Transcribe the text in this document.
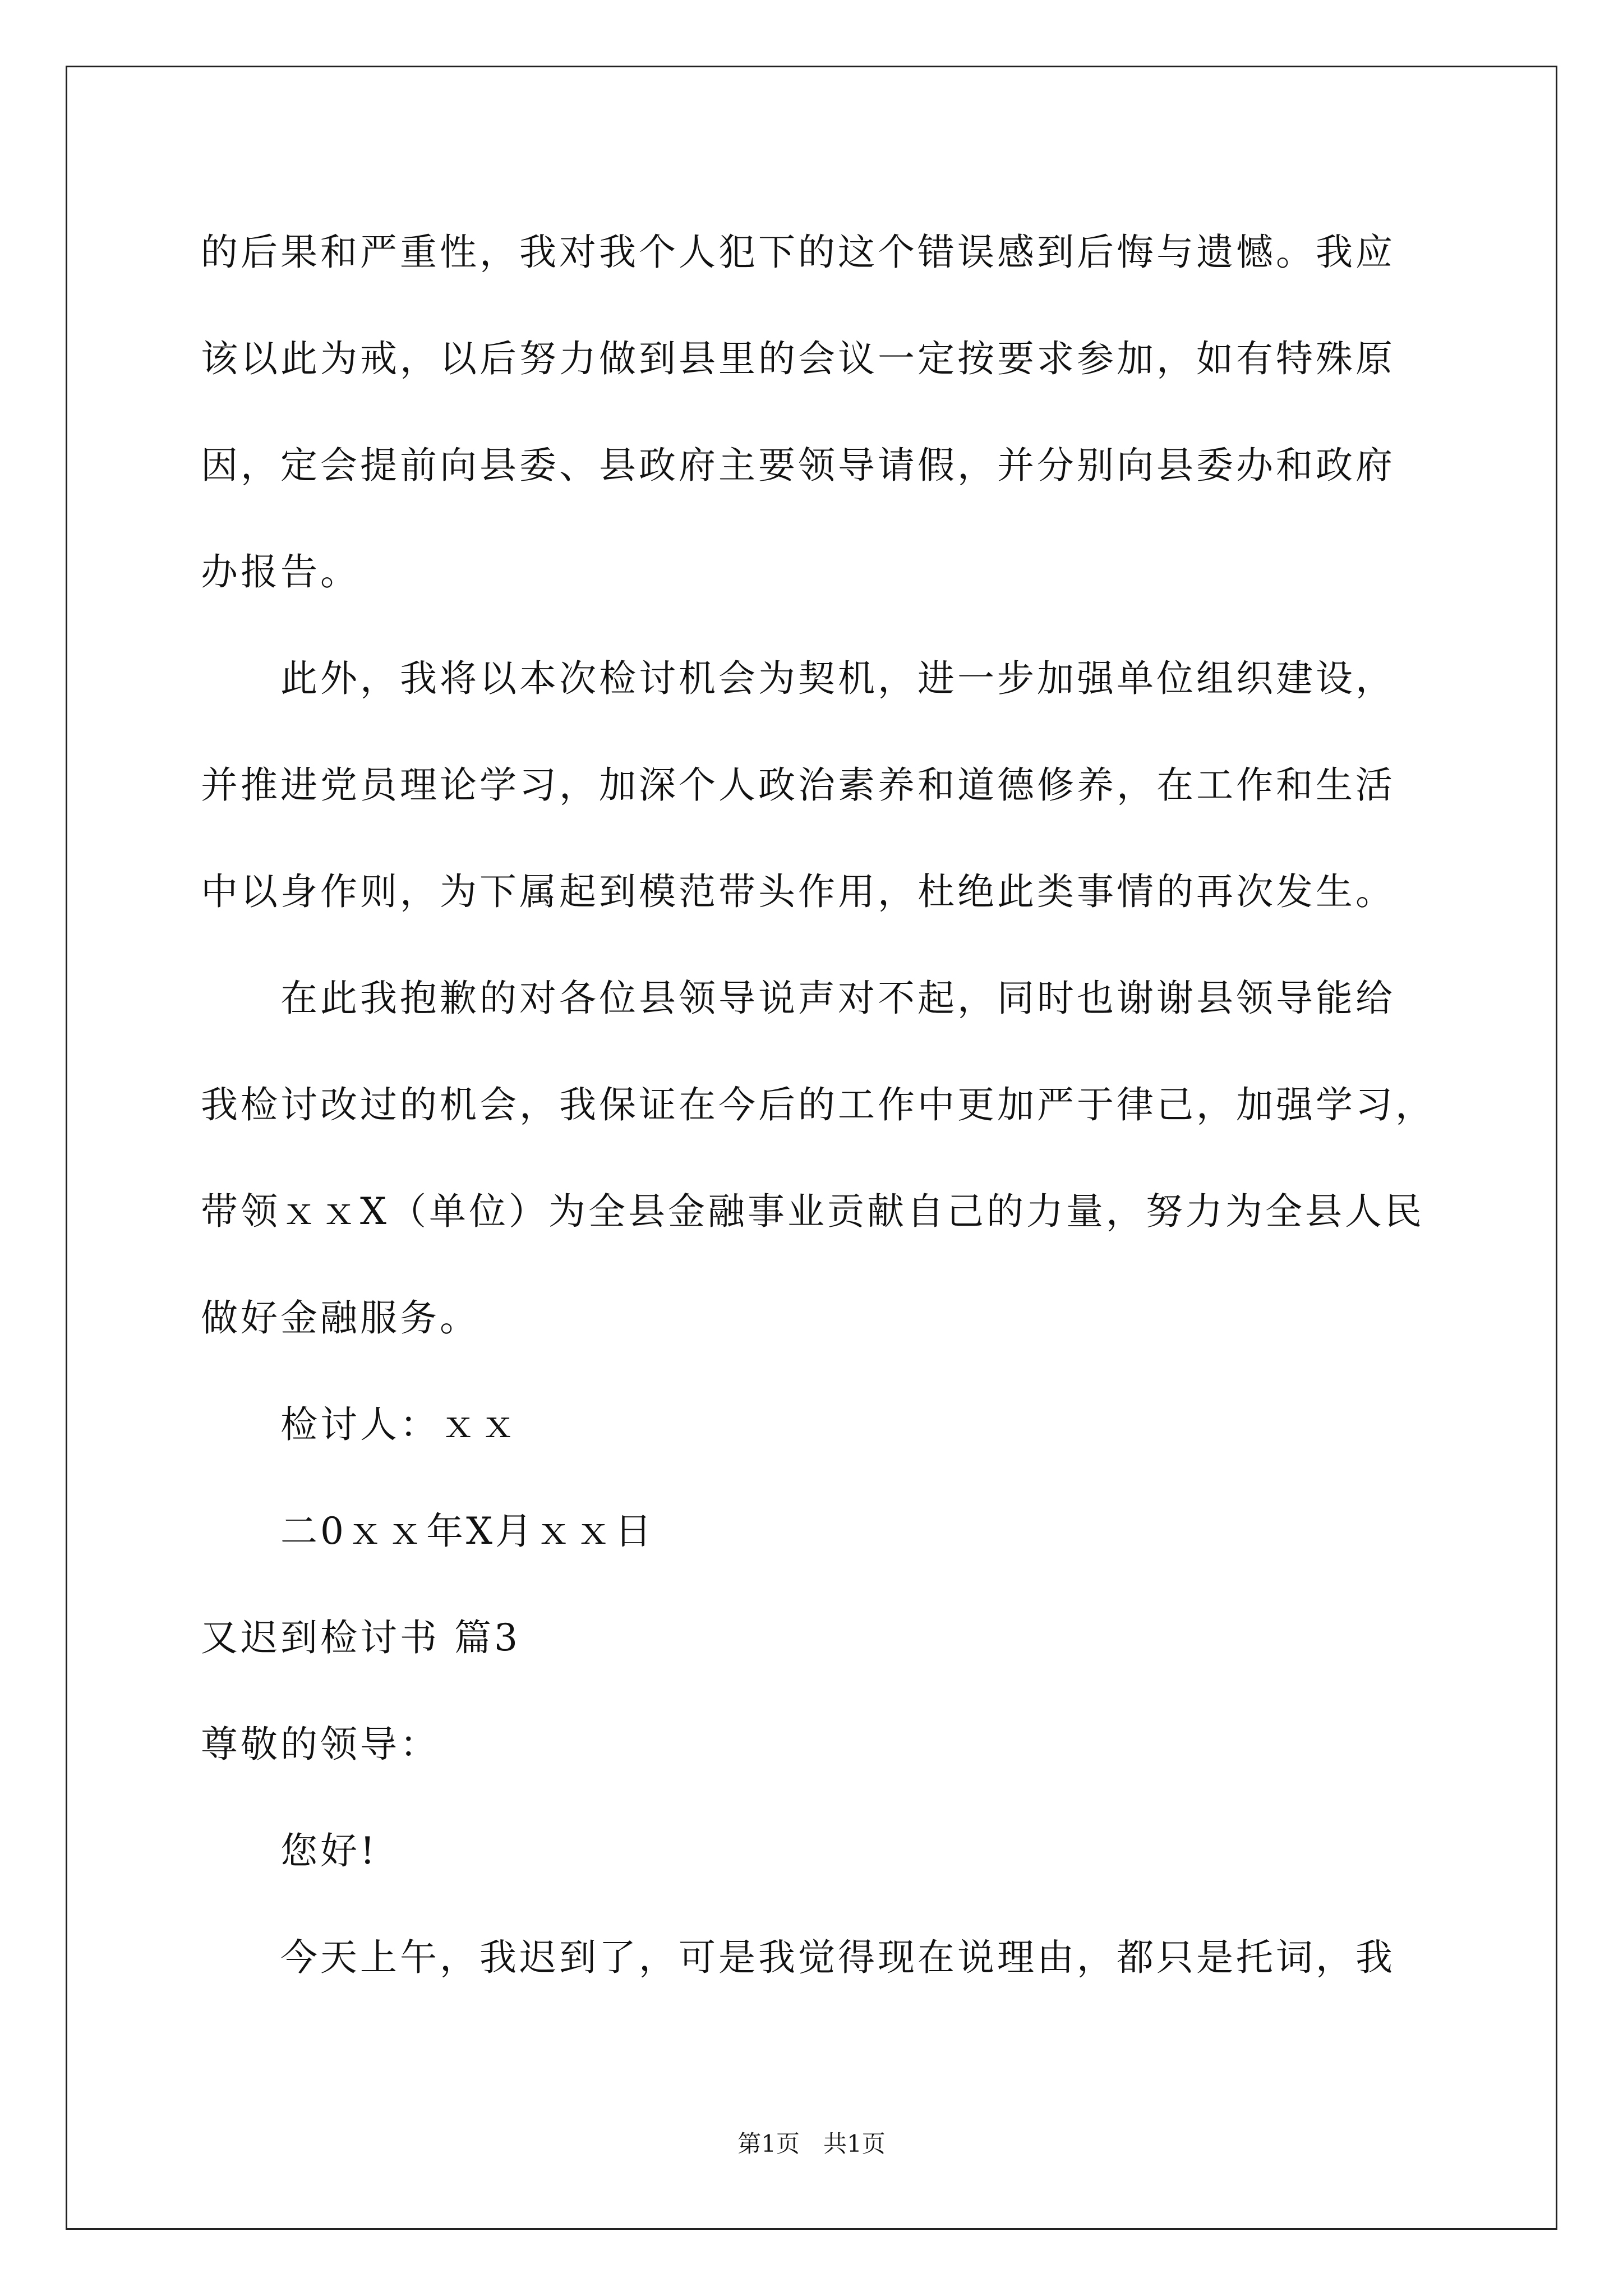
的后果和严重性，我对我个人犯下的这个错误感到后悔与遗憾。我应
该以此为戒，以后努力做到县里的会议一定按要求参加，如有特殊原
因，定会提前向县委、县政府主要领导请假，并分别向县委办和政府
办报告。
此外，我将以本次检讨机会为契机，进一步加强单位组织建设，
并推进党员理论学习，加深个人政治素养和道德修养，在工作和生活
中以身作则，为下属起到模范带头作用，杜绝此类事情的再次发生。
在此我抱歉的对各位县领导说声对不起，同时也谢谢县领导能给
我检讨改过的机会，我保证在今后的工作中更加严于律己，加强学习，
带领ｘｘX（单位）为全县金融事业贡献自己的力量，努力为全县人民
做好金融服务。
检讨人：ｘｘ
二0ｘｘ年X月ｘｘ日
又迟到检讨书 篇3
尊敬的领导：
您好!
今天上午，我迟到了，可是我觉得现在说理由，都只是托词，我
第1页　共1页
